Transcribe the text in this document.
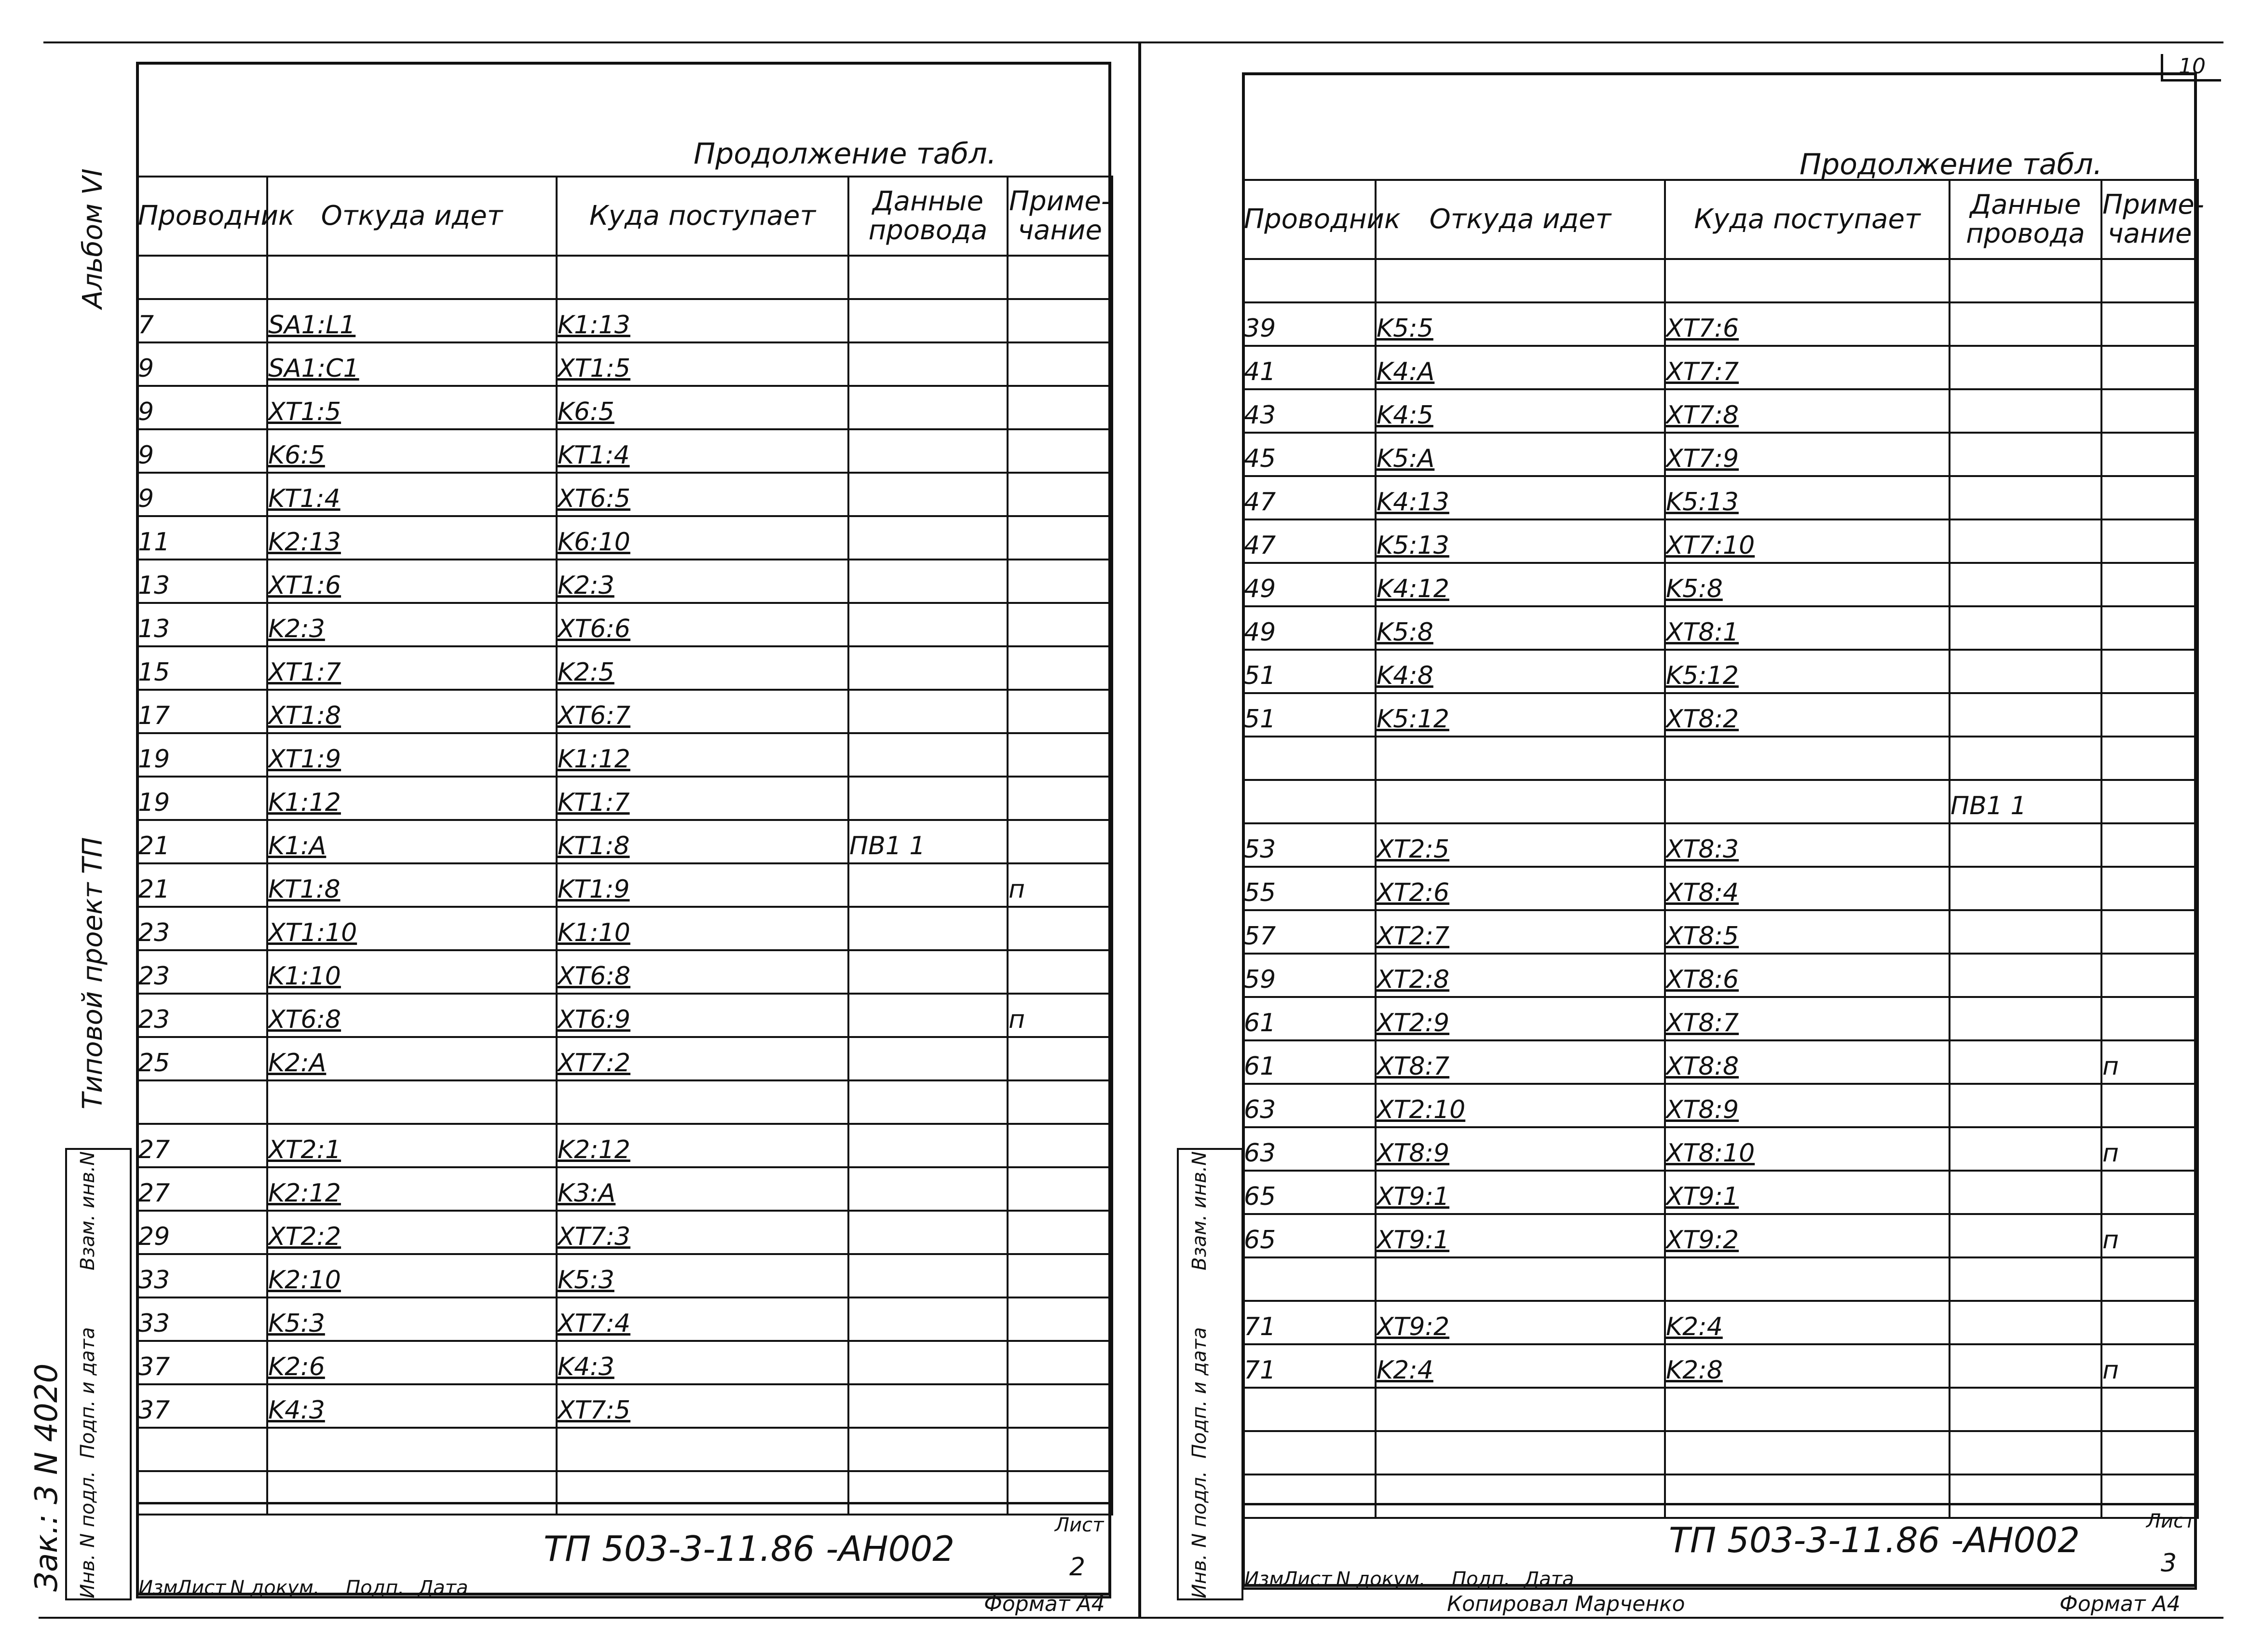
10
Альбом VI
Типовой проект ТП
Зак.: 3 N 4020 Инв. N подл.
Подп. и дата
Взам. инв.N
Продолжение табл.
Проводник	Откуда идет	Куда поступает	Данные провода	Приме-чание

7	SA1:L1	K1:13		
9	SA1:C1	XT1:5		
9	XT1:5	K6:5		
9	K6:5	KT1:4		
9	KT1:4	XT6:5		
11	K2:13	K6:10		
13	XT1:6	K2:3		
13	K2:3	XT6:6		
15	XT1:7	K2:5		
17	XT1:8	XT6:7		
19	XT1:9	K1:12		
19	K1:12	KT1:7		
21	K1:A	KT1:8	ПВ1 1	
21	KT1:8	KT1:9		п
23	XT1:10	K1:10		
23	K1:10	XT6:8		
23	XT6:8	XT6:9		п
25	K2:A	XT7:2		

27	XT2:1	K2:12		
27	K2:12	K3:A		
29	XT2:2	XT7:3		
33	K2:10	K5:3		
33	K5:3	XT7:4		
37	K2:6	K4:3		
37	K4:3	XT7:5		

Изм
Лист N докум. Подп. Дата
ТП 503-3-11.86 -АН002
Лист
2
Формат А4
Инв. N подл.
Подп. и дата
Взам. инв.N
Продолжение табл.
Проводник	Откуда идет	Куда поступает	Данные провода	Приме-чание

39	K5:5	XT7:6		
41	K4:A	XT7:7		
43	K4:5	XT7:8		
45	K5:A	XT7:9		
47	K4:13	K5:13		
47	K5:13	XT7:10		
49	K4:12	K5:8		
49	K5:8	XT8:1		
51	K4:8	K5:12		
51	K5:12	XT8:2		

			ПВ1 1	
53	XT2:5	XT8:3		
55	XT2:6	XT8:4		
57	XT2:7	XT8:5		
59	XT2:8	XT8:6		
61	XT2:9	XT8:7		
61	XT8:7	XT8:8		п
63	XT2:10	XT8:9		
63	XT8:9	XT8:10		п
65	XT9:1	XT9:1		
65	XT9:1	XT9:2		п

71	XT9:2	K2:4		
71	K2:4	K2:8		п

Изм
Лист N докум. Подп. Дата
ТП 503-3-11.86 -АН002	Лист
3
Копировал Марченко	Формат А4
